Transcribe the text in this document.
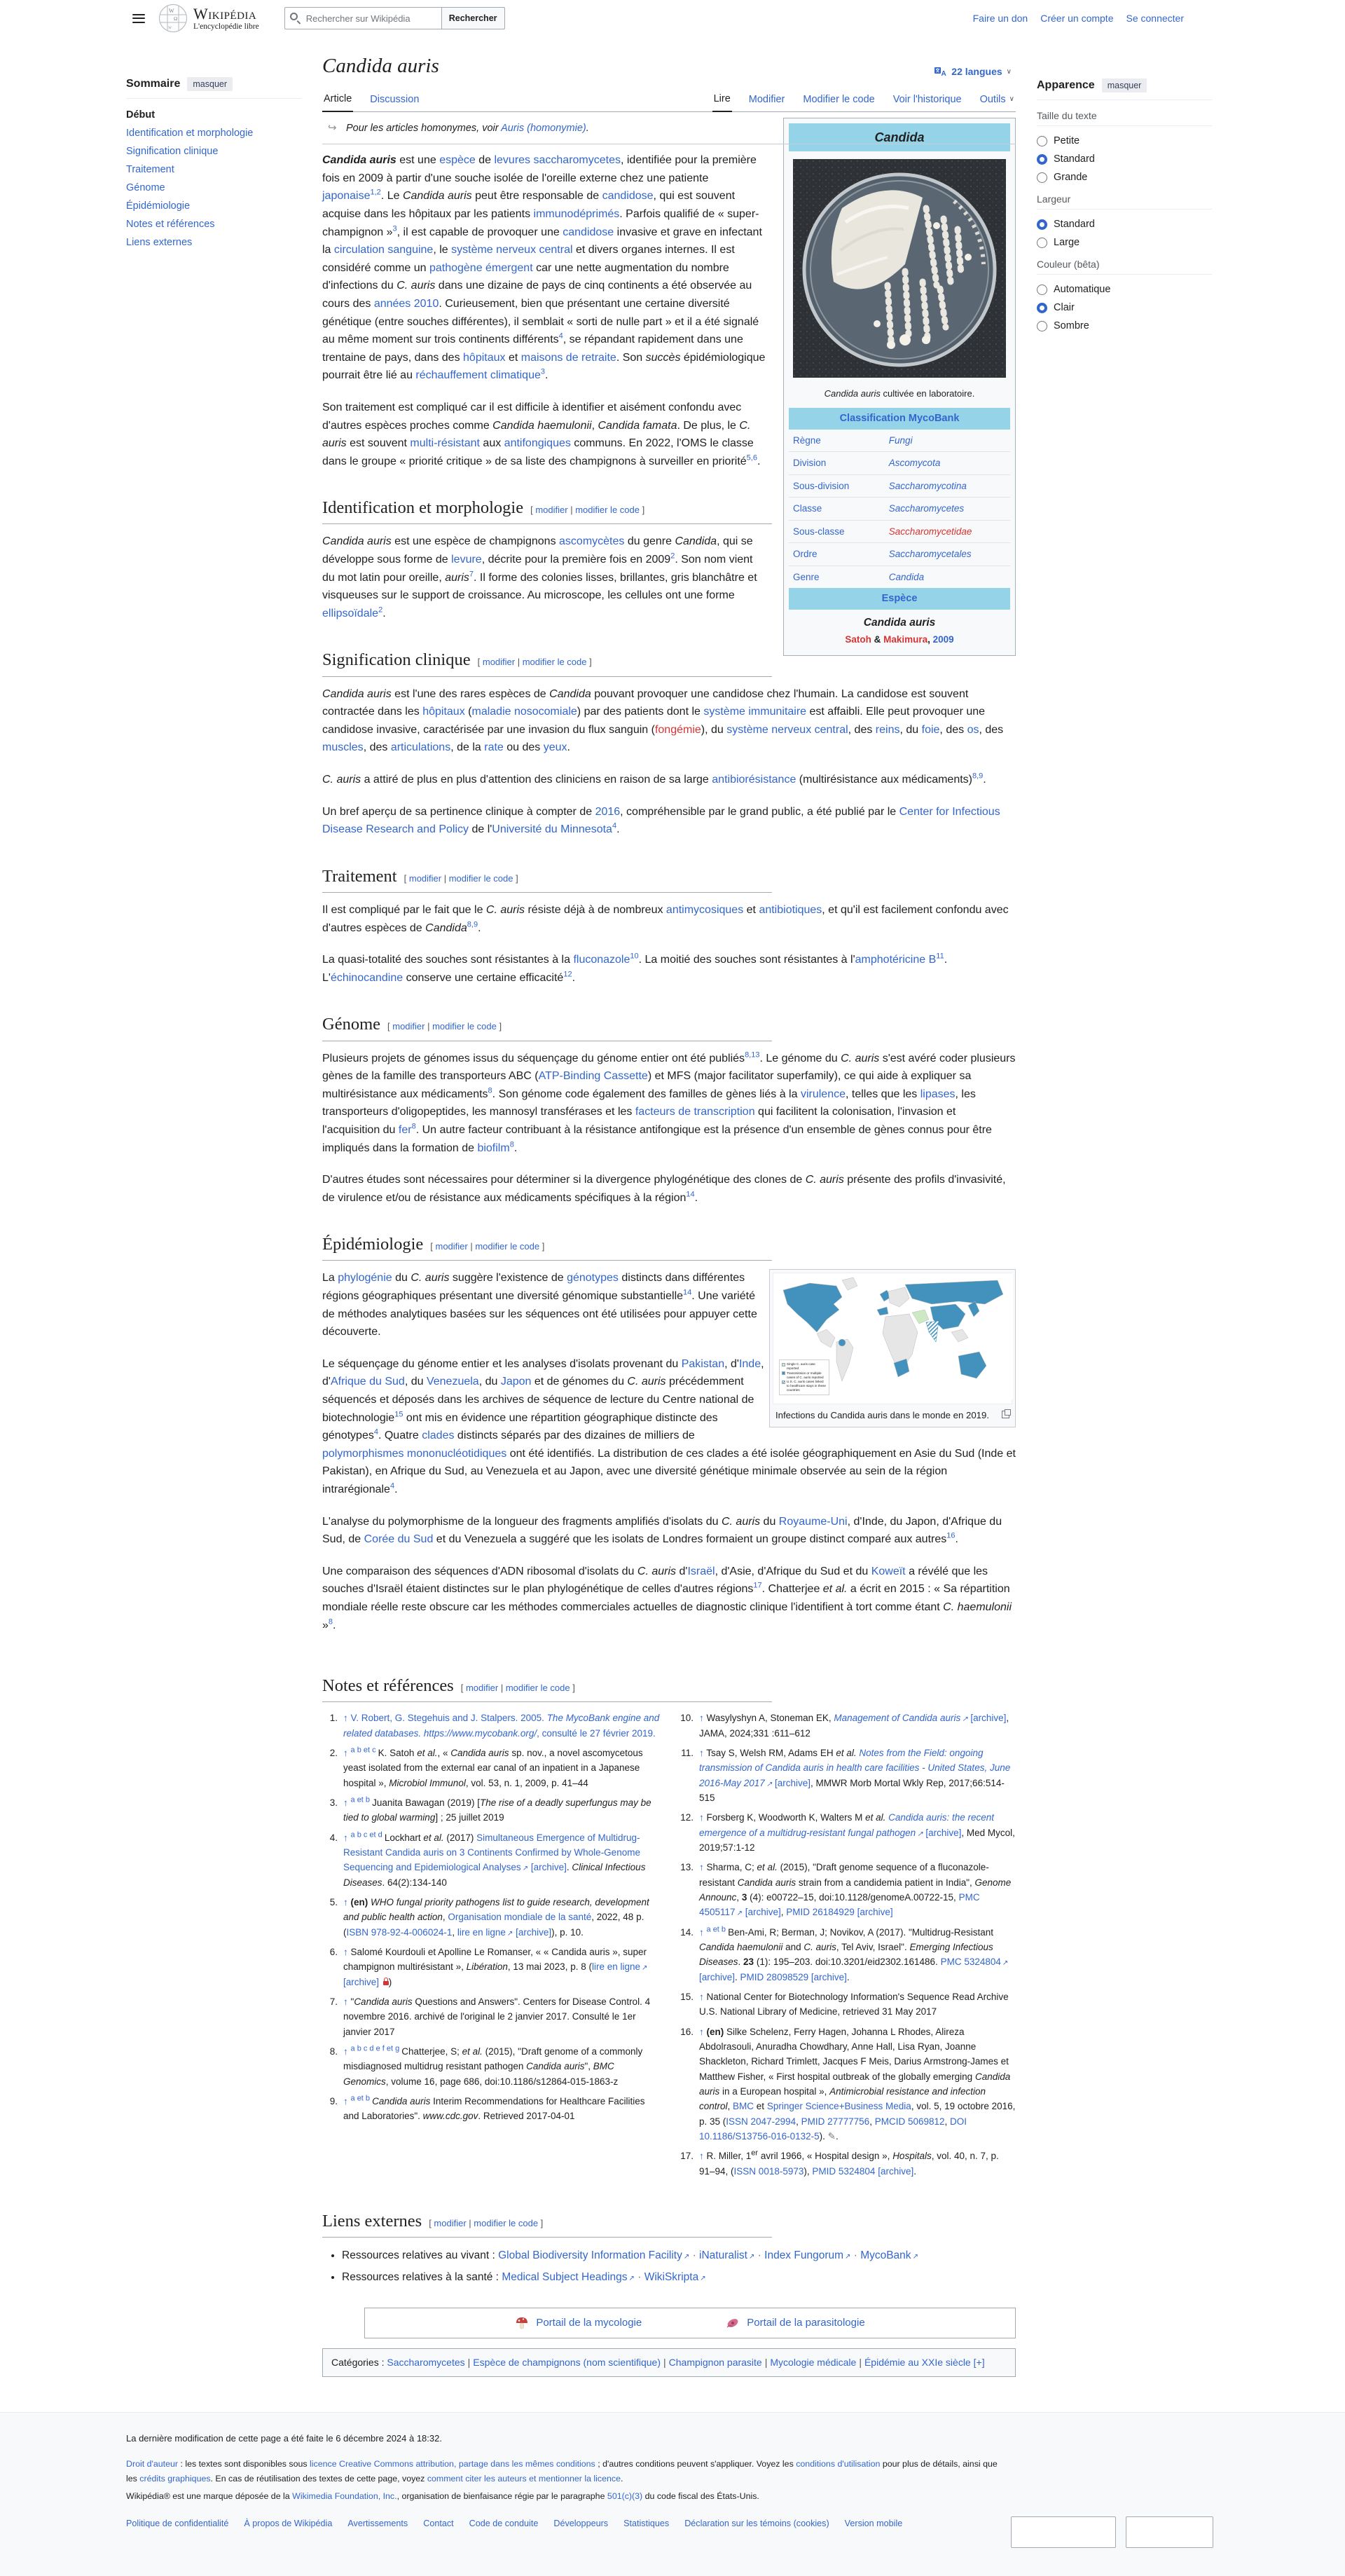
W
Ω
w
Wikipédia
L'encyclopédie libre
Rechercher sur Wikipédia
Rechercher	Faire un don Créer un compte Se connecter
Sommaire	masquer
Début
Identification et morphologie
Signification clinique
Traitement
Génome
Épidémiologie
Notes et références
Liens externes
Candida auris	A 22 langues ∨
Article Discussion	Lire Modifier Modifier le code Voir l'historique Outils ∨
Candida
Candida auris cultivée en laboratoire.
Classification MycoBank
Règne	Fungi
Division	Ascomycota
Sous-division	Saccharomycotina
Classe	Saccharomycetes
Sous-classe	Saccharomycetidae
Ordre	Saccharomycetales
Genre	Candida
Espèce
Candida auris
Satoh & Makimura, 2009
↪ Pour les articles homonymes, voir Auris (homonymie).

Candida auris est une espèce de levures saccharomycetes, identifiée pour la première fois en 2009 à partir d'une souche isolée de l'oreille externe chez une patiente japonaise$^{1,2}$. Le Candida auris peut être responsable de candidose, qui est souvent acquise dans les hôpitaux par les patients immunodéprimés. Parfois qualifié de « super-champignon »$^3$, il est capable de provoquer une candidose invasive et grave en infectant la circulation sanguine, le système nerveux central et divers organes internes. Il est considéré comme un pathogène émergent car une nette augmentation du nombre d'infections du C. auris dans une dizaine de pays de cinq continents a été observée au cours des années 2010. Curieusement, bien que présentant une certaine diversité génétique (entre souches différentes), il semblait « sorti de nulle part » et il a été signalé au même moment sur trois continents différents$^4$, se répandant rapidement dans une trentaine de pays, dans des hôpitaux et maisons de retraite. Son succès épidémiologique pourrait être lié au réchauffement climatique$^3$.

Son traitement est compliqué car il est difficile à identifier et aisément confondu avec d'autres espèces proches comme Candida haemulonii, Candida famata. De plus, le C. auris est souvent multi-résistant aux antifongiques communs. En 2022, l'OMS le classe dans le groupe « priorité critique » de sa liste des champignons à surveiller en priorité$^{5,6}$.

Identification et morphologie [ modifier | modifier le code ]

Candida auris est une espèce de champignons ascomycètes du genre Candida, qui se développe sous forme de levure, décrite pour la première fois en 2009$^2$. Son nom vient du mot latin pour oreille, auris$^7$. Il forme des colonies lisses, brillantes, gris blanchâtre et visqueuses sur le support de croissance. Au microscope, les cellules ont une forme ellipsoïdale$^2$.

Signification clinique [ modifier | modifier le code ]

Candida auris est l'une des rares espèces de Candida pouvant provoquer une candidose chez l'humain. La candidose est souvent contractée dans les hôpitaux (maladie nosocomiale) par des patients dont le système immunitaire est affaibli. Elle peut provoquer une candidose invasive, caractérisée par une invasion du flux sanguin (fongémie), du système nerveux central, des reins, du foie, des os, des muscles, des articulations, de la rate ou des yeux.

C. auris a attiré de plus en plus d'attention des cliniciens en raison de sa large antibiorésistance (multirésistance aux médicaments)$^{8,9}$.

Un bref aperçu de sa pertinence clinique à compter de 2016, compréhensible par le grand public, a été publié par le Center for Infectious Disease Research and Policy de l'Université du Minnesota$^4$.

Traitement [ modifier | modifier le code ]

Il est compliqué par le fait que le C. auris résiste déjà à de nombreux antimycosiques et antibiotiques, et qu'il est facilement confondu avec d'autres espèces de Candida$^{8,9}$.

La quasi-totalité des souches sont résistantes à la fluconazole$^{10}$. La moitié des souches sont résistantes à l'amphotéricine B$^{11}$. L'échinocandine conserve une certaine efficacité$^{12}$.

Génome [ modifier | modifier le code ]

Plusieurs projets de génomes issus du séquençage du génome entier ont été publiés$^{8,13}$. Le génome du C. auris s'est avéré coder plusieurs gènes de la famille des transporteurs ABC (ATP-Binding Cassette) et MFS (major facilitator superfamily), ce qui aide à expliquer sa multirésistance aux médicaments$^8$. Son génome code également des familles de gènes liés à la virulence, telles que les lipases, les transporteurs d'oligopeptides, les mannosyl transférases et les facteurs de transcription qui facilitent la colonisation, l'invasion et l'acquisition du fer$^8$. Un autre facteur contribuant à la résistance antifongique est la présence d'un ensemble de gènes connus pour être impliqués dans la formation de biofilm$^8$.

D'autres études sont nécessaires pour déterminer si la divergence phylogénétique des clones de C. auris présente des profils d'invasivité, de virulence et/ou de résistance aux médicaments spécifiques à la région$^{14}$.

Épidémiologie [ modifier | modifier le code ]
Single C. auris case reported
Transmission or multiple cases of C. auris reported
U.S. C. auris cases linked to healthcare stays in these countries
Infections du Candida auris dans le monde en 2019.

La phylogénie du C. auris suggère l'existence de génotypes distincts dans différentes régions géographiques présentant une diversité génomique substantielle$^{14}$. Une variété de méthodes analytiques basées sur les séquences ont été utilisées pour appuyer cette découverte.

Le séquençage du génome entier et les analyses d'isolats provenant du Pakistan, d'Inde, d'Afrique du Sud, du Venezuela, du Japon et de génomes du C. auris précédemment séquencés et déposés dans les archives de séquence de lecture du Centre national de biotechnologie$^{15}$ ont mis en évidence une répartition géographique distincte des génotypes$^4$. Quatre clades distincts séparés par des dizaines de milliers de polymorphismes mononucléotidiques ont été identifiés. La distribution de ces clades a été isolée géographiquement en Asie du Sud (Inde et Pakistan), en Afrique du Sud, au Venezuela et au Japon, avec une diversité génétique minimale observée au sein de la région intrarégionale$^4$.

L'analyse du polymorphisme de la longueur des fragments amplifiés d'isolats du C. auris du Royaume-Uni, d'Inde, du Japon, d'Afrique du Sud, de Corée du Sud et du Venezuela a suggéré que les isolats de Londres formaient un groupe distinct comparé aux autres$^{16}$.

Une comparaison des séquences d'ADN ribosomal d'isolats du C. auris d'Israël, d'Asie, d'Afrique du Sud et du Koweït a révélé que les souches d'Israël étaient distinctes sur le plan phylogénétique de celles d'autres régions$^{17}$. Chatterjee et al. a écrit en 2015 : « Sa répartition mondiale réelle reste obscure car les méthodes commerciales actuelles de diagnostic clinique l'identifient à tort comme étant C. haemulonii »$^8$.

Notes et références [ modifier | modifier le code ]
1. ↑ V. Robert, G. Stegehuis and J. Stalpers. 2005. The MycoBank engine and related databases. https://www.mycobank.org/, consulté le 27 février 2019.
2. ↑ $^{a b et c}$ K. Satoh et al., « Candida auris sp. nov., a novel ascomycetous yeast isolated from the external ear canal of an inpatient in a Japanese hospital », Microbiol Immunol, vol. 53, n. 1, 2009, p. 41–44
3. ↑ $^{a et b}$ Juanita Bawagan (2019) [The rise of a deadly superfungus may be tied to global warming] ; 25 juillet 2019
4. ↑ $^{a b c et d}$ Lockhart et al. (2017) Simultaneous Emergence of Multidrug-Resistant Candida auris on 3 Continents Confirmed by Whole-Genome Sequencing and Epidemiological Analyses ↗ [archive]. Clinical Infectious Diseases. 64(2):134-140
5. ↑ (en) WHO fungal priority pathogens list to guide research, development and public health action, Organisation mondiale de la santé, 2022, 48 p. (ISBN 978-92-4-006024-1, lire en ligne ↗ [archive]), p. 10.
6. ↑ Salomé Kourdouli et Apolline Le Romanser, « « Candida auris », super champignon multirésistant », Libération, 13 mai 2023, p. 8 (lire en ligne ↗ [archive] )
7. ↑ "Candida auris Questions and Answers". Centers for Disease Control. 4 novembre 2016. archivé de l'original le 2 janvier 2017. Consulté le 1er janvier 2017
8. ↑ $^{a b c d e f et g}$ Chatterjee, S; et al. (2015), "Draft genome of a commonly misdiagnosed multidrug resistant pathogen Candida auris", BMC Genomics, volume 16, page 686, doi:10.1186/s12864-015-1863-z
9. ↑ $^{a et b}$ Candida auris Interim Recommendations for Healthcare Facilities and Laboratories". www.cdc.gov. Retrieved 2017-04-01
10. ↑ Wasylyshyn A, Stoneman EK, Management of Candida auris ↗ [archive], JAMA, 2024;331 :611–612
11. ↑ Tsay S, Welsh RM, Adams EH et al. Notes from the Field: ongoing transmission of Candida auris in health care facilities - United States, June 2016-May 2017 ↗ [archive], MMWR Morb Mortal Wkly Rep, 2017;66:514-515
12. ↑ Forsberg K, Woodworth K, Walters M et al. Candida auris: the recent emergence of a multidrug-resistant fungal pathogen ↗ [archive], Med Mycol, 2019;57:1-12
13. ↑ Sharma, C; et al. (2015), "Draft genome sequence of a fluconazole-resistant Candida auris strain from a candidemia patient in India", Genome Announc, 3 (4): e00722–15, doi:10.1128/genomeA.00722-15, PMC 4505117 ↗ [archive], PMID 26184929 [archive]
14. ↑ $^{a et b}$ Ben-Ami, R; Berman, J; Novikov, A (2017). "Multidrug-Resistant Candida haemulonii and C. auris, Tel Aviv, Israel". Emerging Infectious Diseases. 23 (1): 195–203. doi:10.3201/eid2302.161486. PMC 5324804 ↗ [archive]. PMID 28098529 [archive].
15. ↑ National Center for Biotechnology Information's Sequence Read Archive U.S. National Library of Medicine, retrieved 31 May 2017
16. ↑ (en) Silke Schelenz, Ferry Hagen, Johanna L Rhodes, Alireza Abdolrasouli, Anuradha Chowdhary, Anne Hall, Lisa Ryan, Joanne Shackleton, Richard Trimlett, Jacques F Meis, Darius Armstrong-James et Matthew Fisher, « First hospital outbreak of the globally emerging Candida auris in a European hospital », Antimicrobial resistance and infection control, BMC et Springer Science+Business Media, vol. 5, 19 octobre 2016, p. 35 (ISSN 2047-2994, PMID 27777756, PMCID 5069812, DOI 10.1186/S13756-016-0132-5). ✎.
17. ↑ R. Miller, 1er avril 1966, « Hospital design », Hospitals, vol. 40, n. 7, p. 91–94, (ISSN 0018-5973), PMID 5324804 [archive].
Liens externes [ modifier | modifier le code ]
• Ressources relatives au vivant : Global Biodiversity Information Facility ↗ · iNaturalist ↗ · Index Fungorum ↗ · MycoBank ↗
• Ressources relatives à la santé : Medical Subject Headings ↗ · WikiSkripta ↗
Portail de la mycologie	Portail de la parasitologie
Catégories : Saccharomycetes | Espèce de champignons (nom scientifique) | Champignon parasite | Mycologie médicale | Épidémie au XXIe siècle [+]
Apparence	masquer
Taille du texte
Petite
Standard
Grande
Largeur
Standard
Large
Couleur (bêta)
Automatique
Clair
Sombre
La dernière modification de cette page a été faite le 6 décembre 2024 à 18:32.
Droit d'auteur : les textes sont disponibles sous licence Creative Commons attribution, partage dans les mêmes conditions ; d'autres conditions peuvent s'appliquer. Voyez les conditions d'utilisation pour plus de détails, ainsi que les crédits graphiques. En cas de réutilisation des textes de cette page, voyez comment citer les auteurs et mentionner la licence.
Wikipédia® est une marque déposée de la Wikimedia Foundation, Inc., organisation de bienfaisance régie par le paragraphe 501(c)(3) du code fiscal des États-Unis.
Politique de confidentialité À propos de Wikipédia Avertissements Contact Code de conduite Développeurs Statistiques Déclaration sur les témoins (cookies) Version mobile
